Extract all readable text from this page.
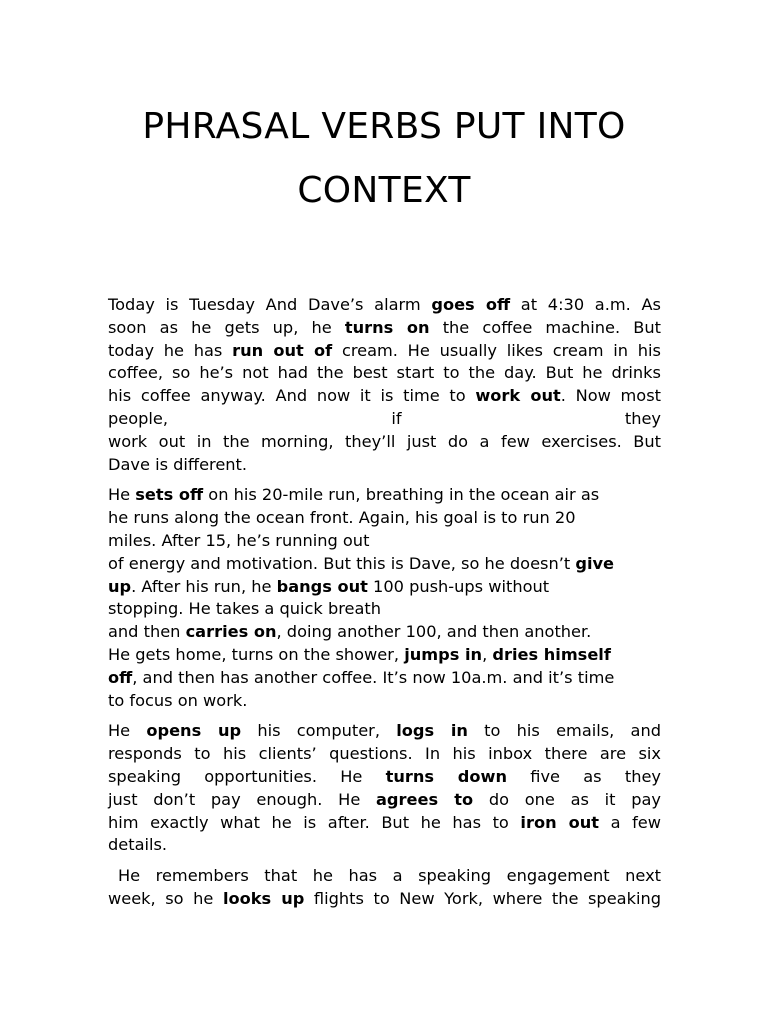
PHRASAL VERBS PUT INTO
CONTEXT

Today is Tuesday And Dave’s alarm goes off at 4:30 a.m. As
soon as he gets up, he turns on the coffee machine. But
today he has run out of cream. He usually likes cream in his
coffee, so he’s not had the best start to the day. But he drinks
his coffee anyway. And now it is time to work out. Now most
people,	if	they
work out in the morning, they’ll just do a few exercises. But
Dave is different.

He sets off on his 20-mile run, breathing in the ocean air as
he runs along the ocean front. Again, his goal is to run 20
miles. After 15, he’s running out
of energy and motivation. But this is Dave, so he doesn’t give
up. After his run, he bangs out 100 push-ups without
stopping. He takes a quick breath
and then carries on, doing another 100, and then another.
He gets home, turns on the shower, jumps in, dries himself
off, and then has another coffee. It’s now 10a.m. and it’s time
to focus on work.

He opens up his computer, logs in to his emails, and
responds to his clients’ questions. In his inbox there are six
speaking opportunities. He turns down five as they
just don’t pay enough. He agrees to do one as it pay
him exactly what he is after. But he has to iron out a few
details.

He remembers that he has a speaking engagement next
week, so he looks up flights to New York, where the speaking
